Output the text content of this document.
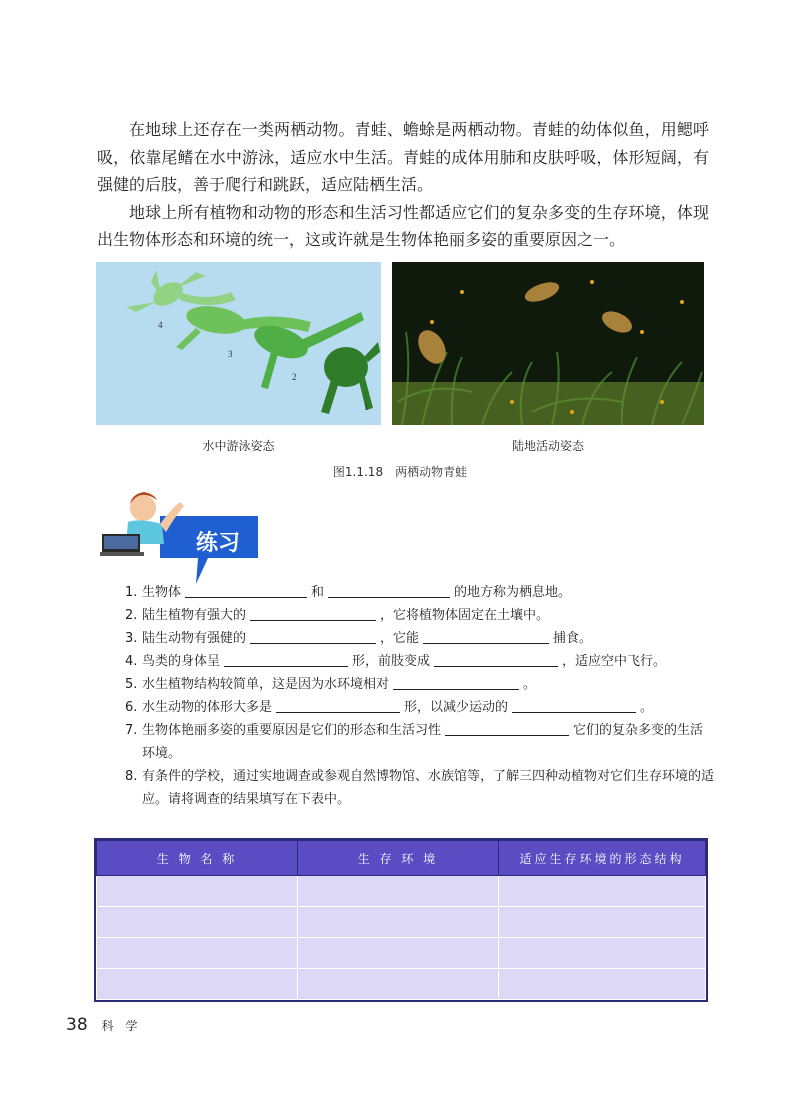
在地球上还存在一类两栖动物。青蛙、蟾蜍是两栖动物。青蛙的幼体似鱼，用鳃呼吸，依靠尾鳍在水中游泳，适应水中生活。青蛙的成体用肺和皮肤呼吸，体形短阔，有强健的后肢，善于爬行和跳跃，适应陆栖生活。

地球上所有植物和动物的形态和生活习性都适应它们的复杂多变的生存环境，体现出生物体形态和环境的统一，这或许就是生物体艳丽多姿的重要原因之一。

4
3
2
1
水中游泳姿态	陆地活动姿态
图1.1.18　两栖动物青蛙
练习
1. 生物体	和	的地方称为栖息地。
2. 陆生植物有强大的	，它将植物体固定在土壤中。
3. 陆生动物有强健的	，它能	捕食。
4. 鸟类的身体呈	形，前肢变成	，适应空中飞行。
5. 水生植物结构较简单，这是因为水环境相对	。
6. 水生动物的体形大多是	形，以减少运动的	。
7. 生物体艳丽多姿的重要原因是它们的形态和生活习性	它们的复杂多变的生活环境。
8. 有条件的学校，通过实地调查或参观自然博物馆、水族馆等，了解三四种动植物对它们生存环境的适应。请将调查的结果填写在下表中。
生 物 名 称	生 存 环 境	适应生存环境的形态结构

38 科 学
